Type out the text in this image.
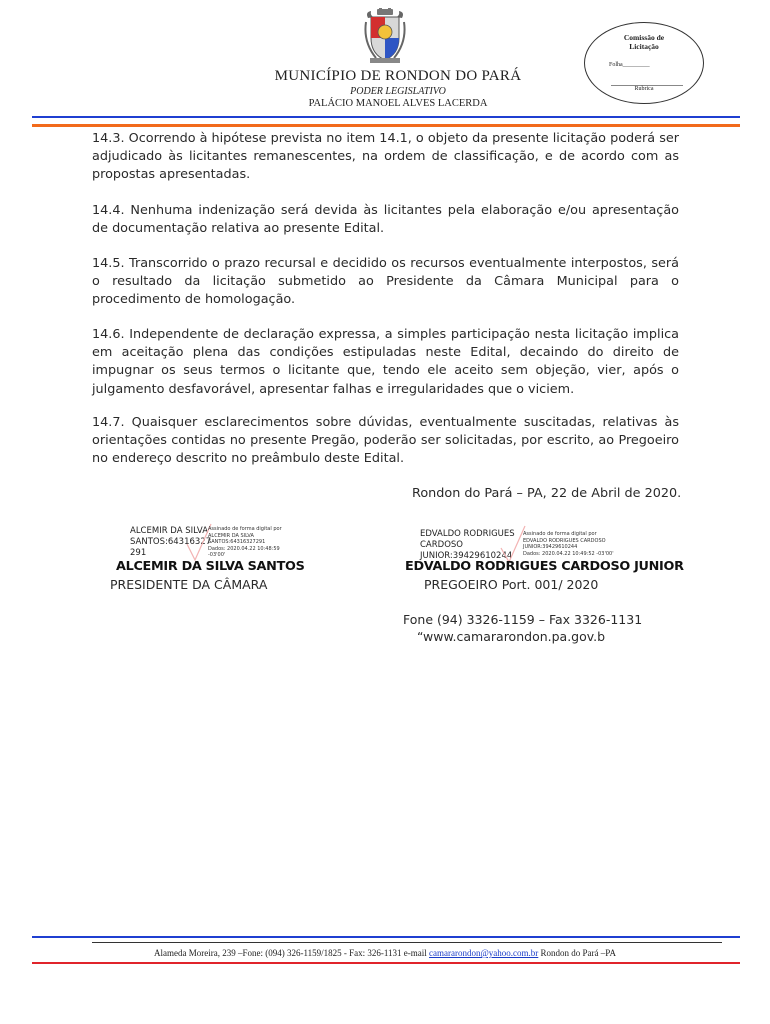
MUNICÍPIO DE RONDON DO PARÁ
PODER LEGISLATIVO
PALÁCIO MANOEL ALVES LACERDA
Comissão de
Licitação
Folha_________
Rubrica
14.3. Ocorrendo à hipótese prevista no item 14.1, o objeto da presente licitação poderá ser adjudicado às licitantes remanescentes, na ordem de classificação, e de acordo com as propostas apresentadas.
14.4. Nenhuma indenização será devida às licitantes pela elaboração e/ou apresentação de documentação relativa ao presente Edital.
14.5. Transcorrido o prazo recursal e decidido os recursos eventualmente interpostos, será o resultado da licitação submetido ao Presidente da Câmara Municipal para o procedimento de homologação.
14.6. Independente de declaração expressa, a simples participação nesta licitação implica em aceitação plena das condições estipuladas neste Edital, decaindo do direito de impugnar os seus termos o licitante que, tendo ele aceito sem objeção, vier, após o julgamento desfavorável, apresentar falhas e irregularidades que o viciem.
14.7. Quaisquer esclarecimentos sobre dúvidas, eventualmente suscitadas, relativas às orientações contidas no presente Pregão, poderão ser solicitadas, por escrito, ao Pregoeiro no endereço descrito no preâmbulo deste Edital.
Rondon do Pará – PA, 22 de Abril de 2020.
ALCEMIR DA SILVA
SANTOS:64316327
291
Assinado de forma digital por
ALCEMIR DA SILVA
SANTOS:64316327291
Dados: 2020.04.22 10:48:59
-03'00'
ALCEMIR DA SILVA SANTOS
PRESIDENTE DA CÂMARA
EDVALDO RODRIGUES
CARDOSO
JUNIOR:39429610244
Assinado de forma digital por
EDVALDO RODRIGUES CARDOSO
JUNIOR:39429610244
Dados: 2020.04.22 10:49:52 -03'00'
EDVALDO RODRIGUES CARDOSO JUNIOR
PREGOEIRO Port. 001/ 2020
Fone (94) 3326-1159 – Fax 3326-1131
“www.camararondon.pa.gov.b
Alameda Moreira, 239 –Fone: (094) 326-1159/1825 - Fax: 326-1131 e-mail camararondon@yahoo.com.br Rondon do Pará –PA
